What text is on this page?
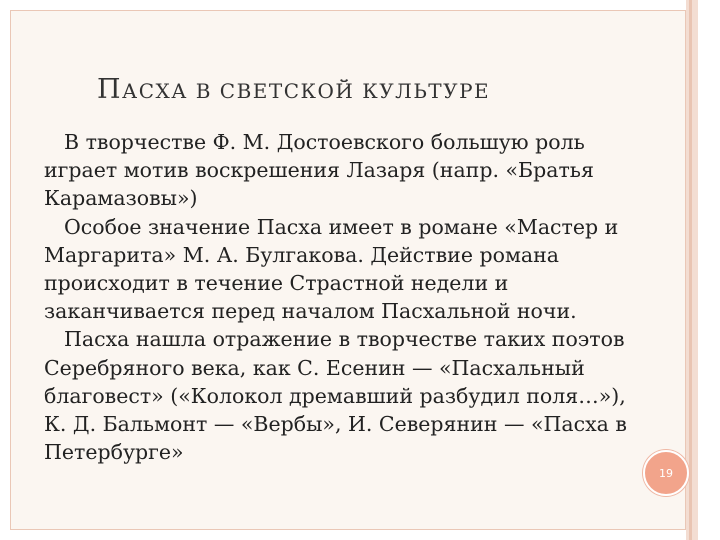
ПАСХА В СВЕТСКОЙ КУЛЬТУРЕ

В творчестве Ф. М. Достоевского большую роль играет мотив воскрешения Лазаря (напр. «Братья Карамазовы»)

Особое значение Пасха имеет в романе «Мастер и Маргарита» М. А. Булгакова. Действие романа происходит в течение Страстной недели и заканчивается перед началом Пасхальной ночи.

Пасха нашла отражение в творчестве таких поэтов Серебряного века, как С. Есенин — «Пасхальный благовест» («Колокол дремавший разбудил поля…»), К. Д. Бальмонт — «Вербы», И. Северянин — «Пасха в Петербурге»

19
